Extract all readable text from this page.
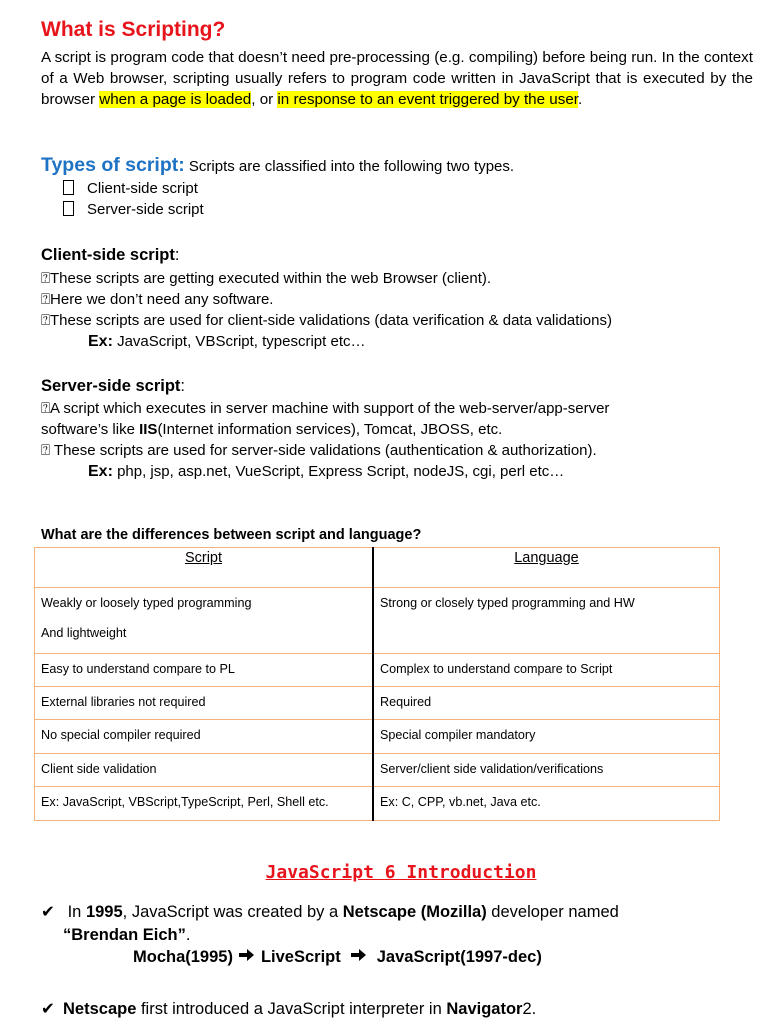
What is Scripting?
A script is program code that doesn’t need pre-processing (e.g. compiling) before being run. In the context of a Web browser, scripting usually refers to program code written in JavaScript that is executed by the browser when a page is loaded, or in response to an event triggered by the user.
Types of script: Scripts are classified into the following two types.
Client-side script
Server-side script
Client-side script:
⍰These scripts are getting executed within the web Browser (client).
⍰Here we don’t need any software.
⍰These scripts are used for client-side validations (data verification & data validations)
Ex: JavaScript, VBScript, typescript etc…
Server-side script:
⍰A script which executes in server machine with support of the web-server/app-server
software’s like IIS(Internet information services), Tomcat, JBOSS, etc.
⍰ These scripts are used for server-side validations (authentication & authorization).
Ex: php, jsp, asp.net, VueScript, Express Script, nodeJS, cgi, perl etc…
What are the differences between script and language?
Script	Language

Weakly or loosely typed programming
And lightweight	Strong or closely typed programming and HW

Easy to understand compare to PL	Complex to understand compare to Script

External libraries not required	Required

No special compiler required	Special compiler mandatory

Client side validation	Server/client side validation/verifications

Ex: JavaScript, VBScript,TypeScript, Perl, Shell etc.	Ex: C, CPP, vb.net, Java etc.
JavaScript 6 Introduction
✔ In 1995, JavaScript was created by a Netscape (Mozilla) developer named
“Brendan Eich”.
Mocha(1995) LiveScript JavaScript(1997-dec)
✔ Netscape first introduced a JavaScript interpreter in Navigator2.
